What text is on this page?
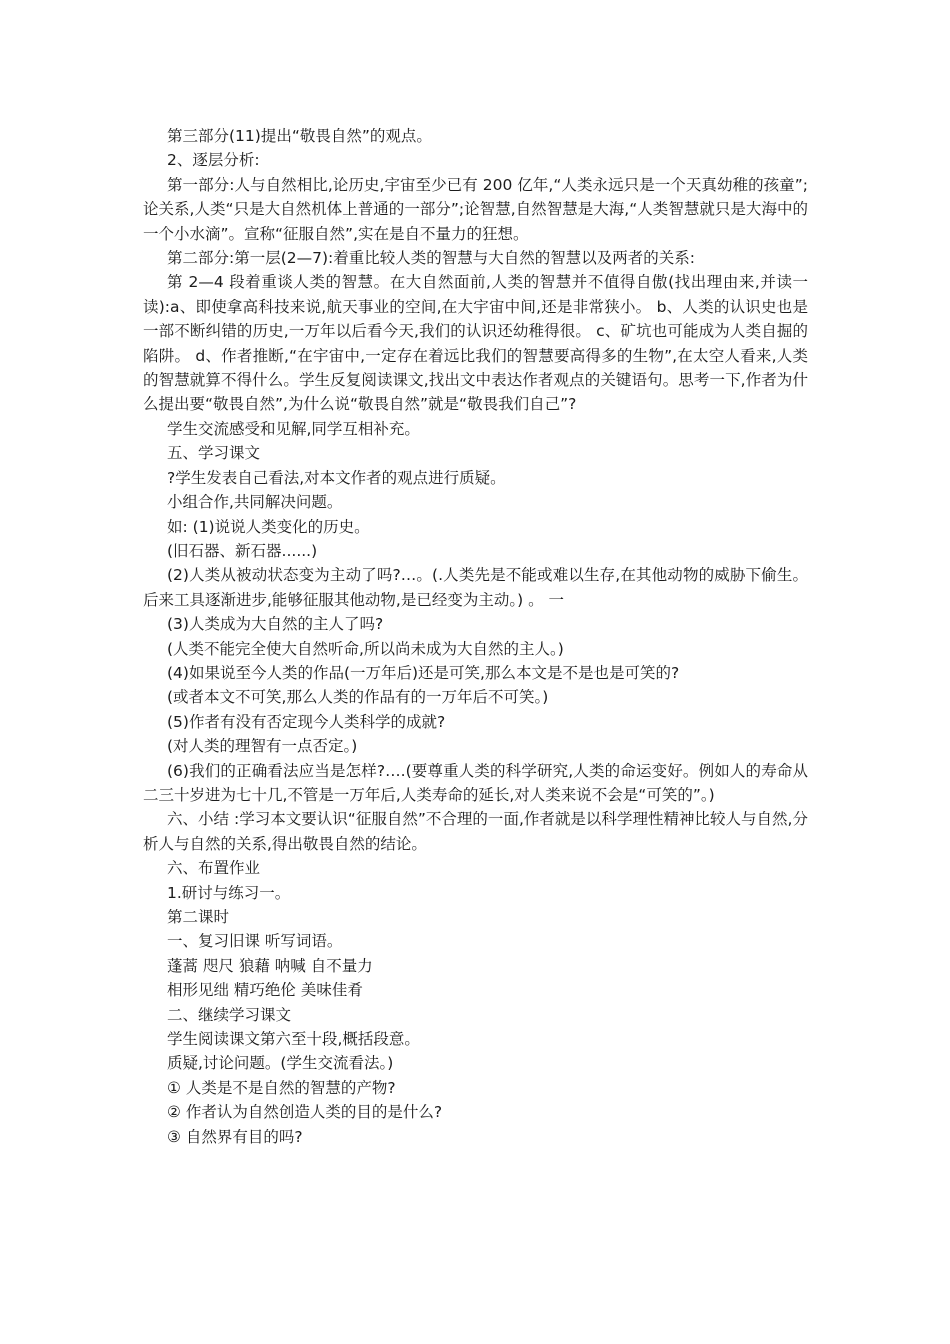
第三部分(11)提出“敬畏自然”的观点。

2、逐层分析:

第一部分:人与自然相比,论历史,宇宙至少已有 200 亿年,“人类永远只是一个天真幼稚的孩童”;论关系,人类“只是大自然机体上普通的一部分”;论智慧,自然智慧是大海,“人类智慧就只是大海中的一个小水滴”。宣称“征服自然”,实在是自不量力的狂想。

第二部分:第一层(2—7):着重比较人类的智慧与大自然的智慧以及两者的关系:

第 2—4 段着重谈人类的智慧。在大自然面前,人类的智慧并不值得自傲(找出理由来,并读一读):a、即使拿高科技来说,航天事业的空间,在大宇宙中间,还是非常狭小。 b、人类的认识史也是一部不断纠错的历史,一万年以后看今天,我们的认识还幼稚得很。 c、矿坑也可能成为人类自掘的陷阱。 d、作者推断,“在宇宙中,一定存在着远比我们的智慧要高得多的生物”,在太空人看来,人类的智慧就算不得什么。学生反复阅读课文,找出文中表达作者观点的关键语句。思考一下,作者为什么提出要“敬畏自然”,为什么说“敬畏自然”就是“敬畏我们自己”?

学生交流感受和见解,同学互相补充。

五、学习课文

?学生发表自己看法,对本文作者的观点进行质疑。

小组合作,共同解决问题。

如: (1)说说人类变化的历史。

(旧石器、新石器......)

(2)人类从被动状态变为主动了吗?…。(.人类先是不能或难以生存,在其他动物的威胁下偷生。后来工具逐渐进步,能够征服其他动物,是已经变为主动。) 。 一

(3)人类成为大自然的主人了吗?

(人类不能完全使大自然听命,所以尚未成为大自然的主人。)

(4)如果说至今人类的作品(一万年后)还是可笑,那么本文是不是也是可笑的?

(或者本文不可笑,那么人类的作品有的一万年后不可笑。)

(5)作者有没有否定现今人类科学的成就?

(对人类的理智有一点否定。)

(6)我们的正确看法应当是怎样?….(要尊重人类的科学研究,人类的命运变好。例如人的寿命从二三十岁进为七十几,不管是一万年后,人类寿命的延长,对人类来说不会是“可笑的”。)

六、小结 :学习本文要认识“征服自然”不合理的一面,作者就是以科学理性精神比较人与自然,分析人与自然的关系,得出敬畏自然的结论。

六、布置作业

1.研讨与练习一。

第二课时

一、复习旧课 听写词语。

蓬蒿 咫尺 狼藉 呐喊 自不量力

相形见绌 精巧绝伦 美味佳肴

二、继续学习课文

学生阅读课文第六至十段,概括段意。

质疑,讨论问题。(学生交流看法。)

① 人类是不是自然的智慧的产物?

② 作者认为自然创造人类的目的是什么?

③ 自然界有目的吗?
